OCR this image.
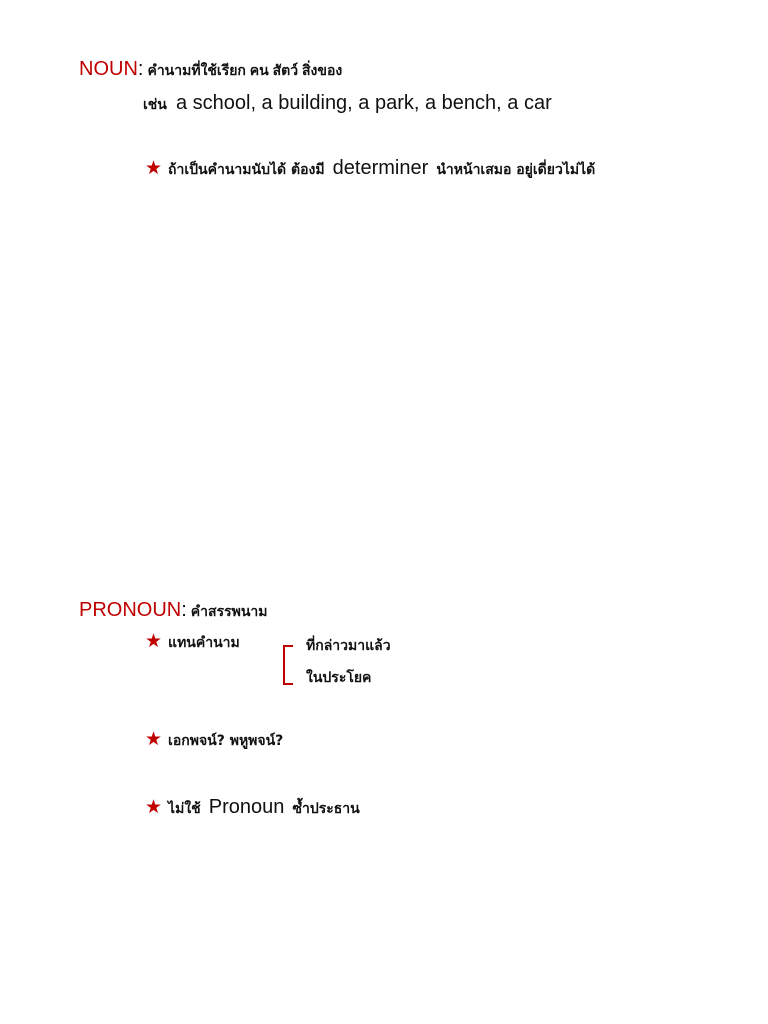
NOUN: คำนามที่ใช้เรียก คน สัตว์ สิ่งของ
เช่น a school, a building, a park, a bench, a car
★ ถ้าเป็นคำนามนับได้ ต้องมี determiner นำหน้าเสมอ อยู่เดี่ยวไม่ได้
PRONOUN: คำสรรพนาม
★ แทนคำนาม	ที่กล่าวมาแล้ว
ในประโยค
★ เอกพจน์? พหูพจน์?
★ ไม่ใช้ Pronoun ซ้ำประธาน
